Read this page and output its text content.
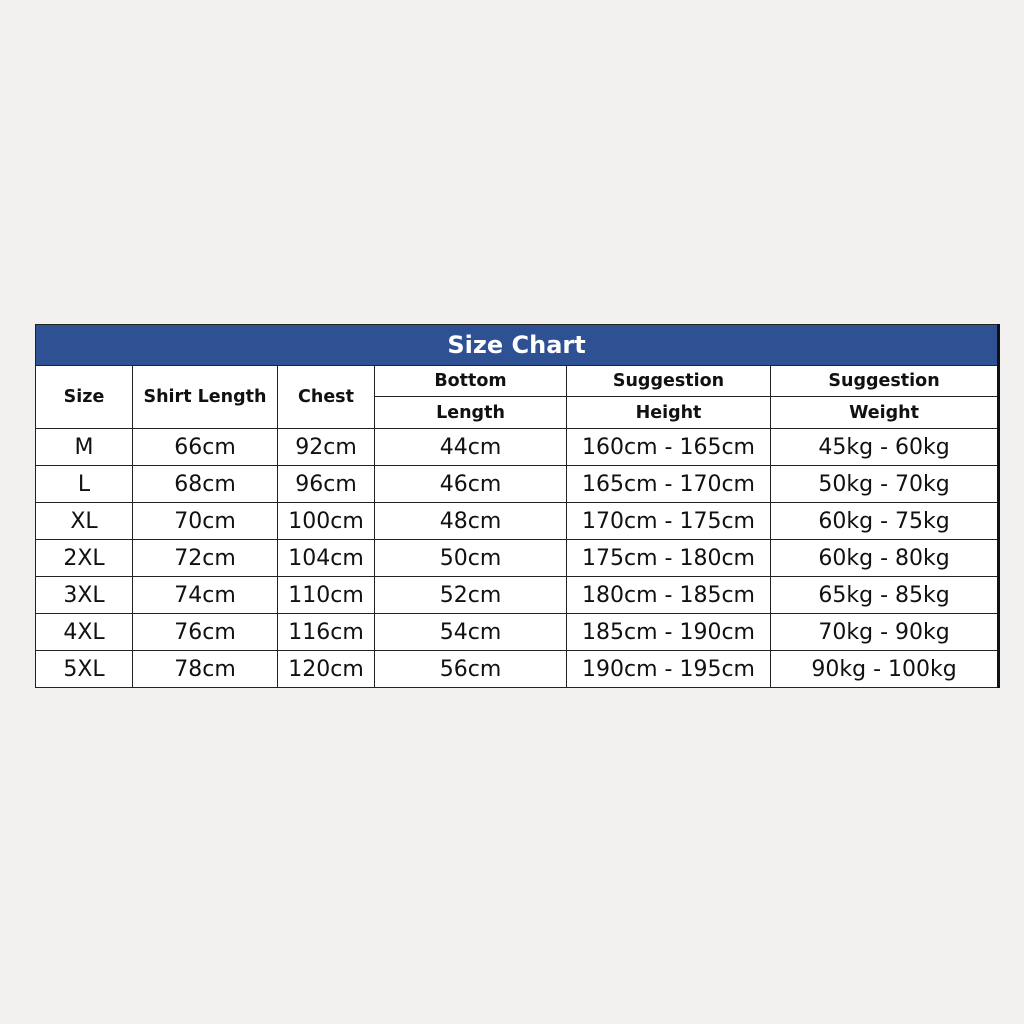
Size Chart					
Size	Shirt Length	Chest	Bottom	Suggestion	Suggestion
			Length	Height	Weight
M	66cm	92cm	44cm	160cm - 165cm	45kg - 60kg
L	68cm	96cm	46cm	165cm - 170cm	50kg - 70kg
XL	70cm	100cm	48cm	170cm - 175cm	60kg - 75kg
2XL	72cm	104cm	50cm	175cm - 180cm	60kg - 80kg
3XL	74cm	110cm	52cm	180cm - 185cm	65kg - 85kg
4XL	76cm	116cm	54cm	185cm - 190cm	70kg - 90kg
5XL	78cm	120cm	56cm	190cm - 195cm	90kg - 100kg
